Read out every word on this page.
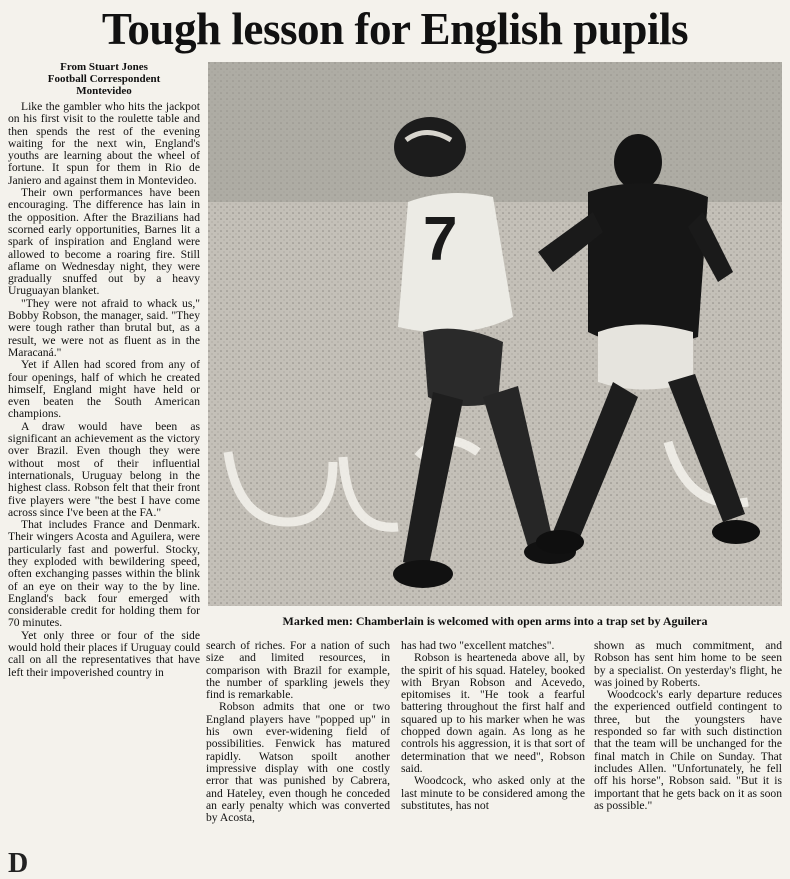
Tough lesson for English pupils
From Stuart Jones
Football Correspondent
Montevideo

Like the gambler who hits the jackpot on his first visit to the roulette table and then spends the rest of the evening waiting for the next win, England's youths are learning about the wheel of fortune. It spun for them in Rio de Janiero and against them in Montevideo.

Their own performances have been encouraging. The difference has lain in the opposition. After the Brazilians had scorned early opportunities, Barnes lit a spark of inspiration and England were allowed to become a roaring fire. Still aflame on Wednesday night, they were gradually snuffed out by a heavy Uruguayan blanket.

"They were not afraid to whack us," Bobby Robson, the manager, said. "They were tough rather than brutal but, as a result, we were not as fluent as in the Maracaná."

Yet if Allen had scored from any of four openings, half of which he created himself, England might have held or even beaten the South American champions.

A draw would have been as significant an achievement as the victory over Brazil. Even though they were without most of their influential internationals, Uruguay belong in the highest class. Robson felt that their front five players were "the best I have come across since I've been at the FA."

That includes France and Denmark. Their wingers Acosta and Aguilera, were particularly fast and powerful. Stocky, they exploded with bewildering speed, often exchanging passes within the blink of an eye on their way to the by line. England's back four emerged with considerable credit for holding them for 70 minutes.

Yet only three or four of the side would hold their places if Uruguay could call on all the representatives that have left their impoverished country in

7
Marked men: Chamberlain is welcomed with open arms into a trap set by Aguilera

search of riches. For a nation of such size and limited resources, in comparison with Brazil for example, the number of sparkling jewels they find is remarkable.

Robson admits that one or two England players have "popped up" in his own ever-widening field of possibilities. Fenwick has matured rapidly. Watson spoilt another impressive display with one costly error that was punished by Cabrera, and Hateley, even though he conceded an early penalty which was converted by Acosta,

has had two "excellent matches".

Robson is hearteneda above all, by the spirit of his squad. Hateley, booked with Bryan Robson and Acevedo, epitomises it. "He took a fearful battering throughout the first half and squared up to his marker when he was chopped down again. As long as he controls his aggression, it is that sort of determination that we need", Robson said.

Woodcock, who asked only at the last minute to be considered among the substitutes, has not

shown as much commitment, and Robson has sent him home to be seen by a specialist. On yesterday's flight, he was joined by Roberts.

Woodcock's early departure reduces the experienced outfield contingent to three, but the youngsters have responded so far with such distinction that the team will be unchanged for the final match in Chile on Sunday. That includes Allen. "Unfortunately, he fell off his horse", Robson said. "But it is important that he gets back on it as soon as possible."

D
